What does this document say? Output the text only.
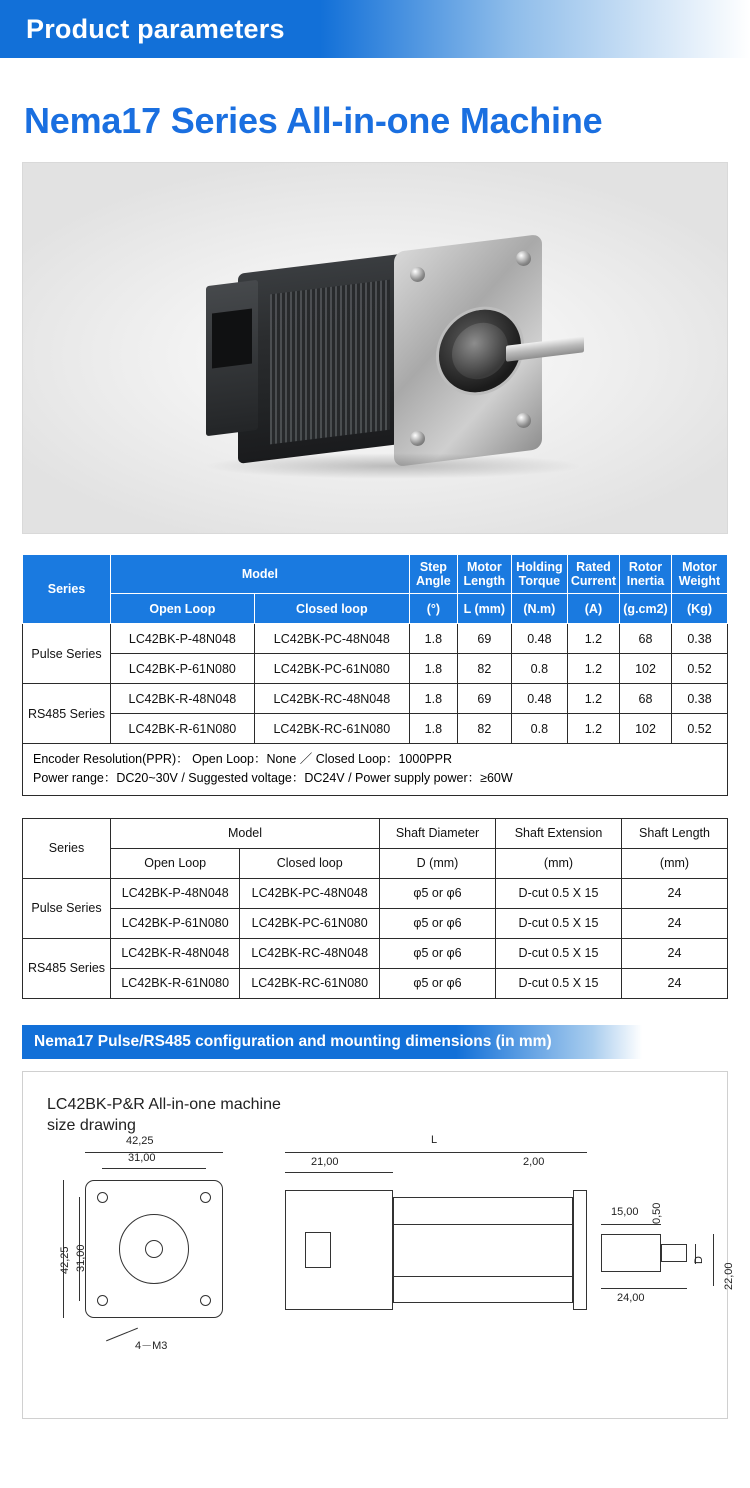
Product parameters
Nema17 Series All-in-one Machine
Series	Model		Step Angle	Motor Length	Holding Torque	Rated Current	Rotor Inertia	Motor Weight
	Open Loop	Closed loop	(°)	L (mm)	(N.m)	(A)	(g.cm2)	(Kg)
Pulse Series	LC42BK-P-48N048	LC42BK-PC-48N048	1.8	69	0.48	1.2	68	0.38
	LC42BK-P-61N080	LC42BK-PC-61N080	1.8	82	0.8	1.2	102	0.52
RS485 Series	LC42BK-R-48N048	LC42BK-RC-48N048	1.8	69	0.48	1.2	68	0.38
	LC42BK-R-61N080	LC42BK-RC-61N080	1.8	82	0.8	1.2	102	0.52

Encoder Resolution(PPR)： Open Loop：None ／ Closed Loop：1000PPR
Power range：DC20~30V / Suggested voltage：DC24V / Power supply power：≥60W								
Series	Model		Shaft Diameter	Shaft Extension	Shaft Length
	Open Loop	Closed loop	D (mm)	(mm)	(mm)
Pulse Series	LC42BK-P-48N048	LC42BK-PC-48N048	φ5 or φ6	D-cut 0.5 X 15	24
	LC42BK-P-61N080	LC42BK-PC-61N080	φ5 or φ6	D-cut 0.5 X 15	24
RS485 Series	LC42BK-R-48N048	LC42BK-RC-48N048	φ5 or φ6	D-cut 0.5 X 15	24
	LC42BK-R-61N080	LC42BK-RC-61N080	φ5 or φ6	D-cut 0.5 X 15	24
Nema17 Pulse/RS485 configuration and mounting dimensions (in mm)
LC42BK-P&R All-in-one machine
size drawing
42,25
31,00
42,25 31,00
4－M3
21,00
L
2,00
0,50
15,00
24,00
D
22,00
